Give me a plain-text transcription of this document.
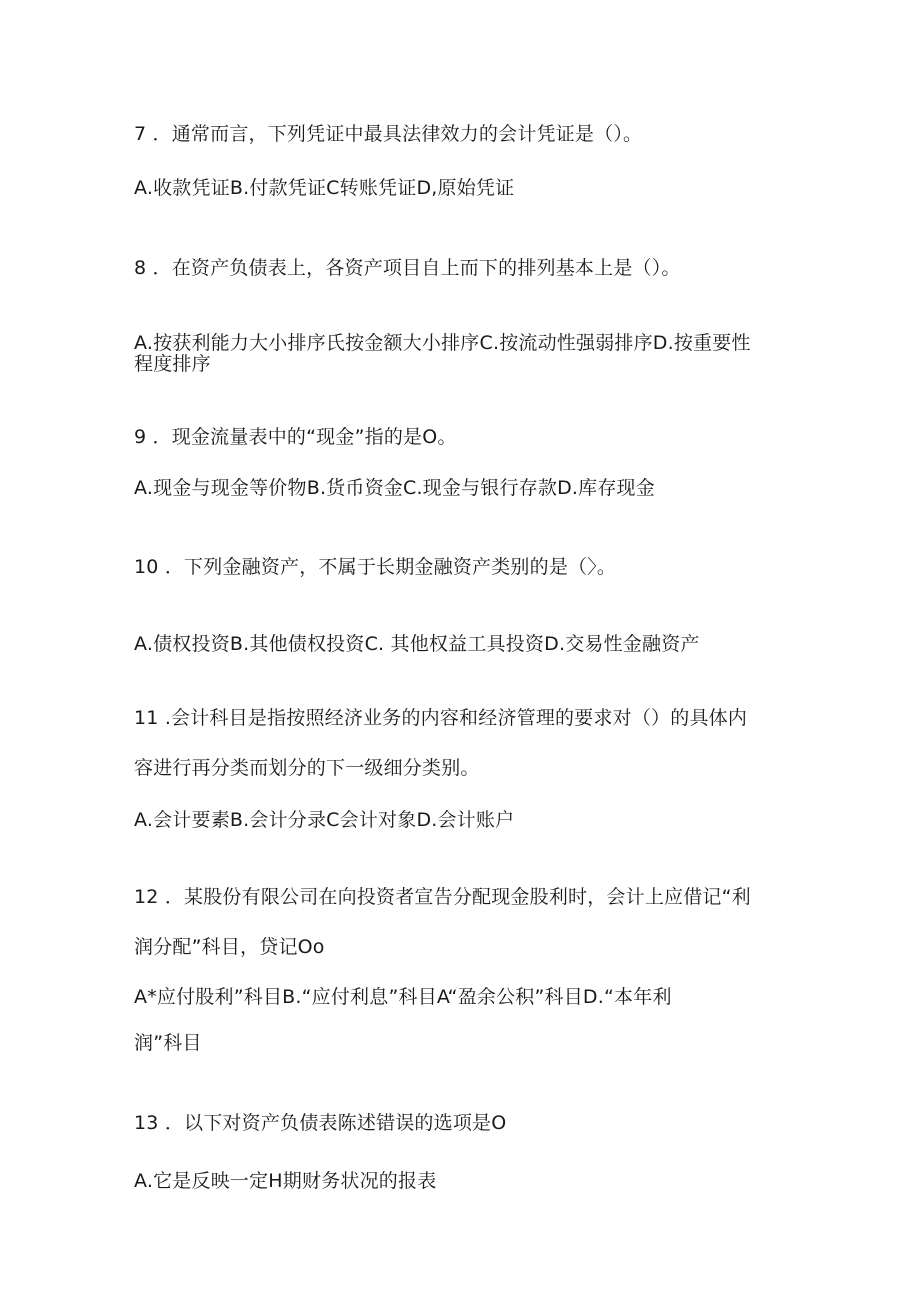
7 ．通常而言，下列凭证中最具法律效力的会计凭证是（）。
A.收款凭证B.付款凭证C转账凭证D,原始凭证
8 ．在资产负债表上，各资产项目自上而下的排列基本上是（）。
A.按获利能力大小排序氏按金额大小排序C.按流动性强弱排序D.按重要性
程度排序
9 ．现金流量表中的“现金”指的是O。
A.现金与现金等价物B.货币资金C.现金与银行存款D.库存现金
10 ．下列金融资产，不属于长期金融资产类别的是（〉。
A.债权投资B.其他债权投资C. 其他权益工具投资D.交易性金融资产
11 .会计科目是指按照经济业务的内容和经济管理的要求对（）的具体内
容进行再分类而划分的下一级细分类别。
A.会计要素B.会计分录C会计对象D.会计账户
12 ．某股份有限公司在向投资者宣告分配现金股利时，会计上应借记“利
润分配”科目，贷记Oo
A*应付股利”科目B.“应付利息”科目A“盈余公积”科目D.“本年利
润”科目
13 ．以下对资产负债表陈述错误的选项是O
A.它是反映一定H期财务状况的报表
